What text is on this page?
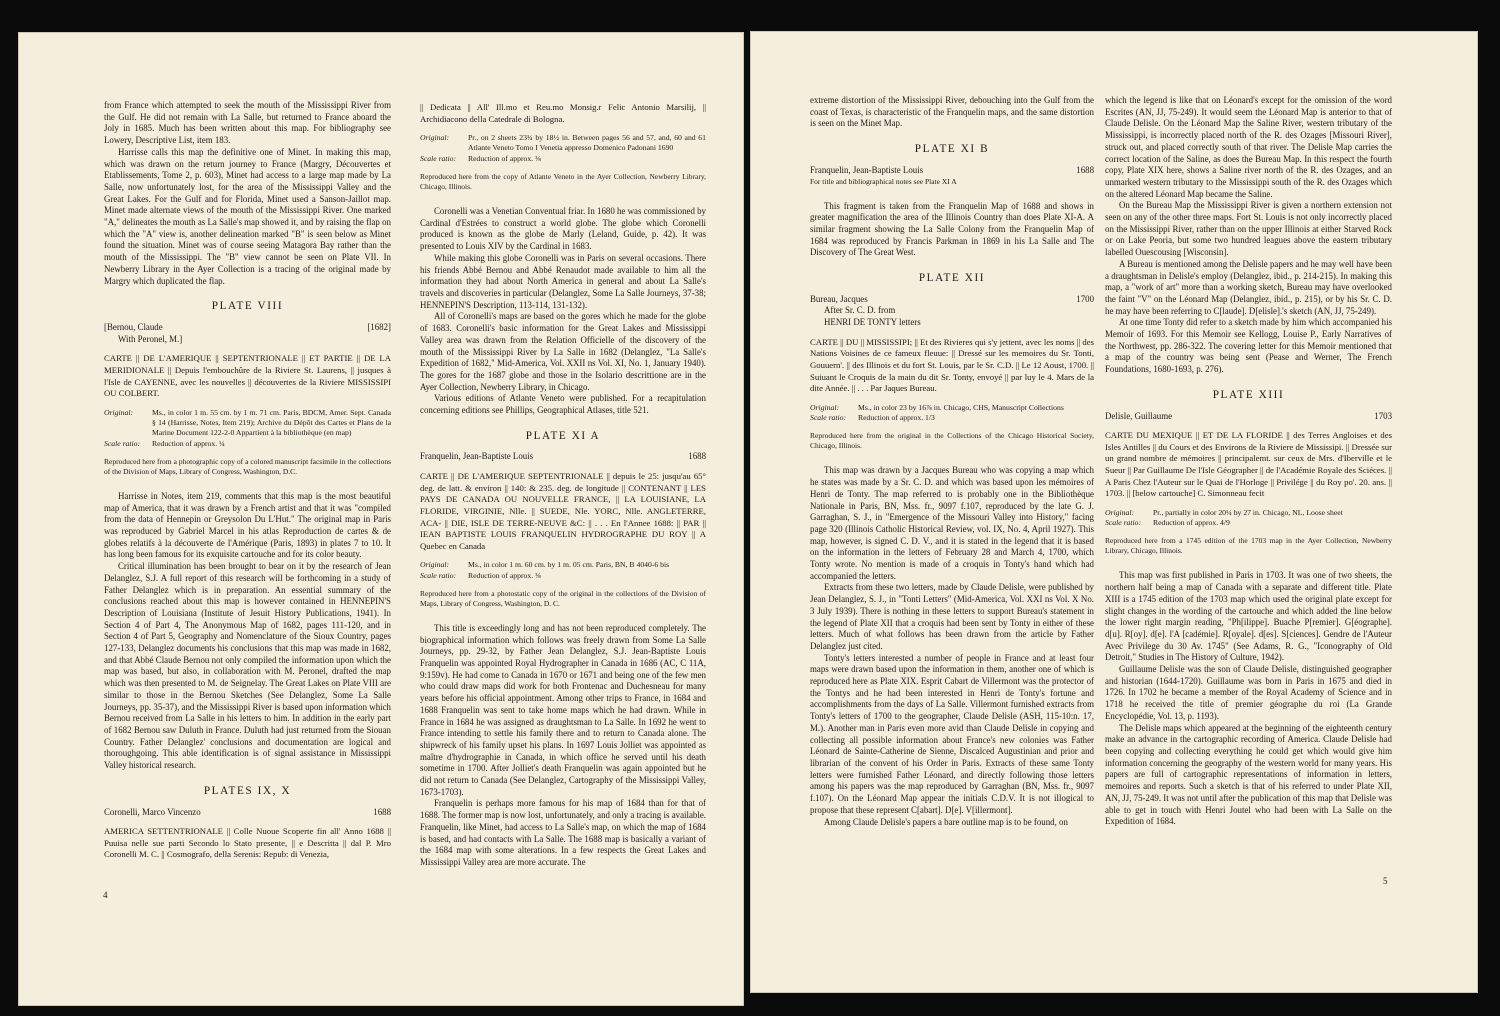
from France which attempted to seek the mouth of the Mississippi River from the Gulf. He did not remain with La Salle, but returned to France aboard the Joly in 1685. Much has been written about this map. For bibliography see Lowery, Descriptive List, item 183.

Harrisse calls this map the definitive one of Minet. In making this map, which was drawn on the return journey to France (Margry, Découvertes et Etablissements, Tome 2, p. 603), Minet had access to a large map made by La Salle, now unfortunately lost, for the area of the Mississippi Valley and the Great Lakes. For the Gulf and for Florida, Minet used a Sanson-Jaillot map. Minet made alternate views of the mouth of the Mississippi River. One marked "A," delineates the mouth as La Salle's map showed it, and by raising the flap on which the "A" view is, another delineation marked "B" is seen below as Minet found the situation. Minet was of course seeing Matagora Bay rather than the mouth of the Mississippi. The "B" view cannot be seen on Plate VII. In Newberry Library in the Ayer Collection is a tracing of the original made by Margry which duplicated the flap.

PLATE VIII
[Bernou, Claude	[1682]
With Peronel, M.]
CARTE || DE L'AMERIQUE || SEPTENTRIONALE || ET PARTIE || DE LA MERIDIONALE || Depuis l'embouchûre de la Riviere St. Laurens, || jusques à l'Isle de CAYENNE, avec les nouvelles || découvertes de la Riviere MISSISSIPI OU COLBERT.
Original:	Ms., in color 1 m. 55 cm. by 1 m. 71 cm. Paris, BDCM, Amer. Sept. Canada § 14 (Harrisse, Notes, Item 219); Archive du Dépôt des Cartes et Plans de la Marine Document 122-2-0 Appartient à la bibliothèque (en map)
Scale ratio:	Reduction of approx. ¼
Reproduced here from a photographic copy of a colored manuscript facsimile in the collections of the Division of Maps, Library of Congress, Washington, D.C.

Harrisse in Notes, item 219, comments that this map is the most beautiful map of America, that it was drawn by a French artist and that it was "compiled from the data of Hennepin or Greysolon Du L'Hut." The original map in Paris was reproduced by Gabriel Marcel in his atlas Reproduction de cartes & de globes relatifs à la découverte de l'Amérique (Paris, 1893) in plates 7 to 10. It has long been famous for its exquisite cartouche and for its color beauty.

Critical illumination has been brought to bear on it by the research of Jean Delanglez, S.J. A full report of this research will be forthcoming in a study of Father Delanglez which is in preparation. An essential summary of the conclusions reached about this map is however contained in HENNEPIN'S Description of Louisiana (Institute of Jesuit History Publications, 1941). In Section 4 of Part 4, The Anonymous Map of 1682, pages 111-120, and in Section 4 of Part 5, Geography and Nomenclature of the Sioux Country, pages 127-133, Delanglez documents his conclusions that this map was made in 1682, and that Abbé Claude Bernou not only compiled the information upon which the map was based, but also, in collaboration with M. Peronel, drafted the map which was then presented to M. de Seignelay. The Great Lakes on Plate VIII are similar to those in the Bernou Sketches (See Delanglez, Some La Salle Journeys, pp. 35-37), and the Mississippi River is based upon information which Bernou received from La Salle in his letters to him. In addition in the early part of 1682 Bernou saw Duluth in France. Duluth had just returned from the Siouan Country. Father Delanglez' conclusions and documentation are logical and thoroughgoing. This able identification is of signal assistance in Mississippi Valley historical research.

PLATES IX, X
Coronelli, Marco Vincenzo	1688
AMERICA SETTENTRIONALE || Colle Nuoue Scoperte fin all' Anno 1688 || Puuisa nelle sue parti Secondo lo Stato presente, || e Descritta || dal P. Mro Coronelli M. C. || Cosmografo, della Serenis: Repub: di Venezia,
|| Dedicata || All' Ill.mo et Reu.mo Monsig.r Felic Antonio Marsilij, || Archidiacono della Catedrale di Bologna.
Original:	Pr., on 2 sheets 23¾ by 18½ in. Between pages 56 and 57, and, 60 and 61 Atlante Veneto Tomo I Venetia appresso Domenico Padonani 1690
Scale ratio:	Reduction of approx. ⅜
Reproduced here from the copy of Atlante Veneto in the Ayer Collection, Newberry Library, Chicago, Illinois.

Coronelli was a Venetian Conventual friar. In 1680 he was commissioned by Cardinal d'Estrées to construct a world globe. The globe which Coronelli produced is known as the globe de Marly (Leland, Guide, p. 42). It was presented to Louis XIV by the Cardinal in 1683.

While making this globe Coronelli was in Paris on several occasions. There his friends Abbé Bernou and Abbé Renaudot made available to him all the information they had about North America in general and about La Salle's travels and discoveries in particular (Delanglez, Some La Salle Journeys, 37-38; HENNEPIN'S Description, 113-114, 131-132).

All of Coronelli's maps are based on the gores which he made for the globe of 1683. Coronelli's basic information for the Great Lakes and Mississippi Valley area was drawn from the Relation Officielle of the discovery of the mouth of the Mississippi River by La Salle in 1682 (Delanglez, "La Salle's Expedition of 1682," Mid-America, Vol. XXII ns Vol. XI, No. 1, January 1940). The gores for the 1687 globe and those in the Isolario descrittione are in the Ayer Collection, Newberry Library, in Chicago.

Various editions of Atlante Veneto were published. For a recapitulation concerning editions see Phillips, Geographical Atlases, title 521.

PLATE XI A
Franquelin, Jean-Baptiste Louis	1688
CARTE || DE L'AMERIQUE SEPTENTRIONALE || depuis le 25: jusqu'au 65° deg. de latt. & environ || 140: & 235. deg. de longitude || CONTENANT || LES PAYS DE CANADA OU NOUVELLE FRANCE, || LA LOUISIANE, LA FLORIDE, VIRGINIE, Nlle. || SUEDE, Nle. YORC, Nlle. ANGLETERRE, ACA- || DIE, ISLE DE TERRE-NEUVE &C: || . . . En l'Annee 1688: || PAR || IEAN BAPTISTE LOUIS FRANQUELIN HYDROGRAPHE DU ROY || A Quebec en Canada
Original:	Ms., in color 1 m. 60 cm. by 1 m. 05 cm. Paris, BN, B 4040-6 bis
Scale ratio:	Reduction of approx. ⅜
Reproduced here from a photostatic copy of the original in the collections of the Division of Maps, Library of Congress, Washington, D. C.

This title is exceedingly long and has not been reproduced completely. The biographical information which follows was freely drawn from Some La Salle Journeys, pp. 29-32, by Father Jean Delanglez, S.J. Jean-Baptiste Louis Franquelin was appointed Royal Hydrographer in Canada in 1686 (AC, C 11A, 9:159v). He had come to Canada in 1670 or 1671 and being one of the few men who could draw maps did work for both Frontenac and Duchesneau for many years before his official appointment. Among other trips to France, in 1684 and 1688 Franquelin was sent to take home maps which he had drawn. While in France in 1684 he was assigned as draughtsman to La Salle. In 1692 he went to France intending to settle his family there and to return to Canada alone. The shipwreck of his family upset his plans. In 1697 Louis Jolliet was appointed as maître d'hydrographie in Canada, in which office he served until his death sometime in 1700. After Jolliet's death Franquelin was again appointed but he did not return to Canada (See Delanglez, Cartography of the Mississippi Valley, 1673-1703).

Franquelin is perhaps more famous for his map of 1684 than for that of 1688. The former map is now lost, unfortunately, and only a tracing is available. Franquelin, like Minet, had access to La Salle's map, on which the map of 1684 is based, and had contacts with La Salle. The 1688 map is basically a variant of the 1684 map with some alterations. In a few respects the Great Lakes and Mississippi Valley area are more accurate. The

4

extreme distortion of the Mississippi River, debouching into the Gulf from the coast of Texas, is characteristic of the Franquelin maps, and the same distortion is seen on the Minet Map.

PLATE XI B
Franquelin, Jean-Baptiste Louis	1688
For title and bibliographical notes see Plate XI A

This fragment is taken from the Franquelin Map of 1688 and shows in greater magnification the area of the Illinois Country than does Plate XI-A. A similar fragment showing the La Salle Colony from the Franquelin Map of 1684 was reproduced by Francis Parkman in 1869 in his La Salle and The Discovery of The Great West.

PLATE XII
Bureau, Jacques	1700
After Sr. C. D. from
HENRI DE TONTY letters
CARTE || DU || MISSISSIPI; || Et des Rivieres qui s'y jettent, avec les noms || des Nations Voisines de ce fameux fleuue: || Dressé sur les memoires du Sr. Tonti, Gouuern'. || des Illinois et du fort St. Louis, par le Sr. C.D. || Le 12 Aoust, 1700. || Suiuant le Croquis de la main du dit Sr. Tonty, envoyé || par luy le 4. Mars de la dite Année. || . . . Par Jaques Bureau.
Original:	Ms., in color 23 by 16⅞ in. Chicago, CHS, Manuscript Collections
Scale ratio:	Reduction of approx. 1/3
Reproduced here from the original in the Collections of the Chicago Historical Society, Chicago, Illinois.

This map was drawn by a Jacques Bureau who was copying a map which he states was made by a Sr. C. D. and which was based upon les mémoires of Henri de Tonty. The map referred to is probably one in the Bibliothèque Nationale in Paris, BN, Mss. fr., 9097 f.107, reproduced by the late G. J. Garraghan, S. J., in "Emergence of the Missouri Valley into History," facing page 320 (Illinois Catholic Historical Review, vol. IX, No. 4, April 1927). This map, however, is signed C. D. V., and it is stated in the legend that it is based on the information in the letters of February 28 and March 4, 1700, which Tonty wrote. No mention is made of a croquis in Tonty's hand which had accompanied the letters.

Extracts from these two letters, made by Claude Delisle, were published by Jean Delanglez, S. J., in "Tonti Letters" (Mid-America, Vol. XXI ns Vol. X No. 3 July 1939). There is nothing in these letters to support Bureau's statement in the legend of Plate XII that a croquis had been sent by Tonty in either of these letters. Much of what follows has been drawn from the article by Father Delanglez just cited.

Tonty's letters interested a number of people in France and at least four maps were drawn based upon the information in them, another one of which is reproduced here as Plate XIX. Esprit Cabart de Villermont was the protector of the Tontys and he had been interested in Henri de Tonty's fortune and accomplishments from the days of La Salle. Villermont furnished extracts from Tonty's letters of 1700 to the geographer, Claude Delisle (ASH, 115-10:n. 17, M.). Another man in Paris even more avid than Claude Delisle in copying and collecting all possible information about France's new colonies was Father Léonard de Sainte-Catherine de Sienne, Discalced Augustinian and prior and librarian of the convent of his Order in Paris. Extracts of these same Tonty letters were furnished Father Léonard, and directly following those letters among his papers was the map reproduced by Garraghan (BN, Mss. fr., 9097 f.107). On the Léonard Map appear the initials C.D.V. It is not illogical to propose that these represent C[abart]. D[e]. V[illermont].

Among Claude Delisle's papers a bare outline map is to be found, on

which the legend is like that on Léonard's except for the omission of the word Escrites (AN, JJ, 75-249). It would seem the Léonard Map is anterior to that of Claude Delisle. On the Léonard Map the Saline River, western tributary of the Mississippi, is incorrectly placed north of the R. des Ozages [Missouri River], struck out, and placed correctly south of that river. The Delisle Map carries the correct location of the Saline, as does the Bureau Map. In this respect the fourth copy, Plate XIX here, shows a Saline river north of the R. des Ozages, and an unmarked western tributary to the Mississippi south of the R. des Ozages which on the altered Léonard Map became the Saline.

On the Bureau Map the Mississippi River is given a northern extension not seen on any of the other three maps. Fort St. Louis is not only incorrectly placed on the Mississippi River, rather than on the upper Illinois at either Starved Rock or on Lake Peoria, but some two hundred leagues above the eastern tributary labelled Ouescousing [Wisconsin].

A Bureau is mentioned among the Delisle papers and he may well have been a draughtsman in Delisle's employ (Delanglez, ibid., p. 214-215). In making this map, a "work of art" more than a working sketch, Bureau may have overlooked the faint "V" on the Léonard Map (Delanglez, ibid., p. 215), or by his Sr. C. D. he may have been referring to C[laude]. D[elisle].'s sketch (AN, JJ, 75-249).

At one time Tonty did refer to a sketch made by him which accompanied his Memoir of 1693. For this Memoir see Kellogg, Louise P., Early Narratives of the Northwest, pp. 286-322. The covering letter for this Memoir mentioned that a map of the country was being sent (Pease and Werner, The French Foundations, 1680-1693, p. 276).

PLATE XIII
Delisle, Guillaume	1703
CARTE DU MEXIQUE || ET DE LA FLORIDE || des Terres Angloises et des Isles Antilles || du Cours et des Environs de la Riviere de Mississipi. || Dressée sur un grand nombre de mémoires || principalemt. sur ceux de Mrs. d'Iberville et le Sueur || Par Guillaume De l'Isle Géographer || de l'Académie Royale des Sciéces. || A Paris Chez l'Auteur sur le Quai de l'Horloge || Privilége || du Roy po'. 20. ans. || 1703. || [below cartouche] C. Simonneau fecit
Original:	Pr., partially in color 20¼ by 27 in. Chicago, NL, Loose sheet
Scale ratio:	Reduction of approx. 4/9
Reproduced here from a 1745 edition of the 1703 map in the Ayer Collection, Newberry Library, Chicago, Illinois.

This map was first published in Paris in 1703. It was one of two sheets, the northern half being a map of Canada with a separate and different title. Plate XIII is a 1745 edition of the 1703 map which used the original plate except for slight changes in the wording of the cartouche and which added the line below the lower right margin reading, "Ph[ilippe]. Buache P[remier]. G[éographe]. d[u]. R[oy]. d[e]. l'A [cadémie]. R[oyale]. d[es]. S[ciences]. Gendre de l'Auteur Avec Privilege du 30 Av. 1745" (See Adams, R. G., "Iconography of Old Detroit," Studies in The History of Culture, 1942).

Guillaume Delisle was the son of Claude Delisle, distinguished geographer and historian (1644-1720). Guillaume was born in Paris in 1675 and died in 1726. In 1702 he became a member of the Royal Academy of Science and in 1718 he received the title of premier géographe du roi (La Grande Encyclopédie, Vol. 13, p. 1193).

The Delisle maps which appeared at the beginning of the eighteenth century make an advance in the cartographic recording of America. Claude Delisle had been copying and collecting everything he could get which would give him information concerning the geography of the western world for many years. His papers are full of cartographic representations of information in letters, memoires and reports. Such a sketch is that of his referred to under Plate XII, AN, JJ, 75-249. It was not until after the publication of this map that Delisle was able to get in touch with Henri Joutel who had been with La Salle on the Expedition of 1684.

5
